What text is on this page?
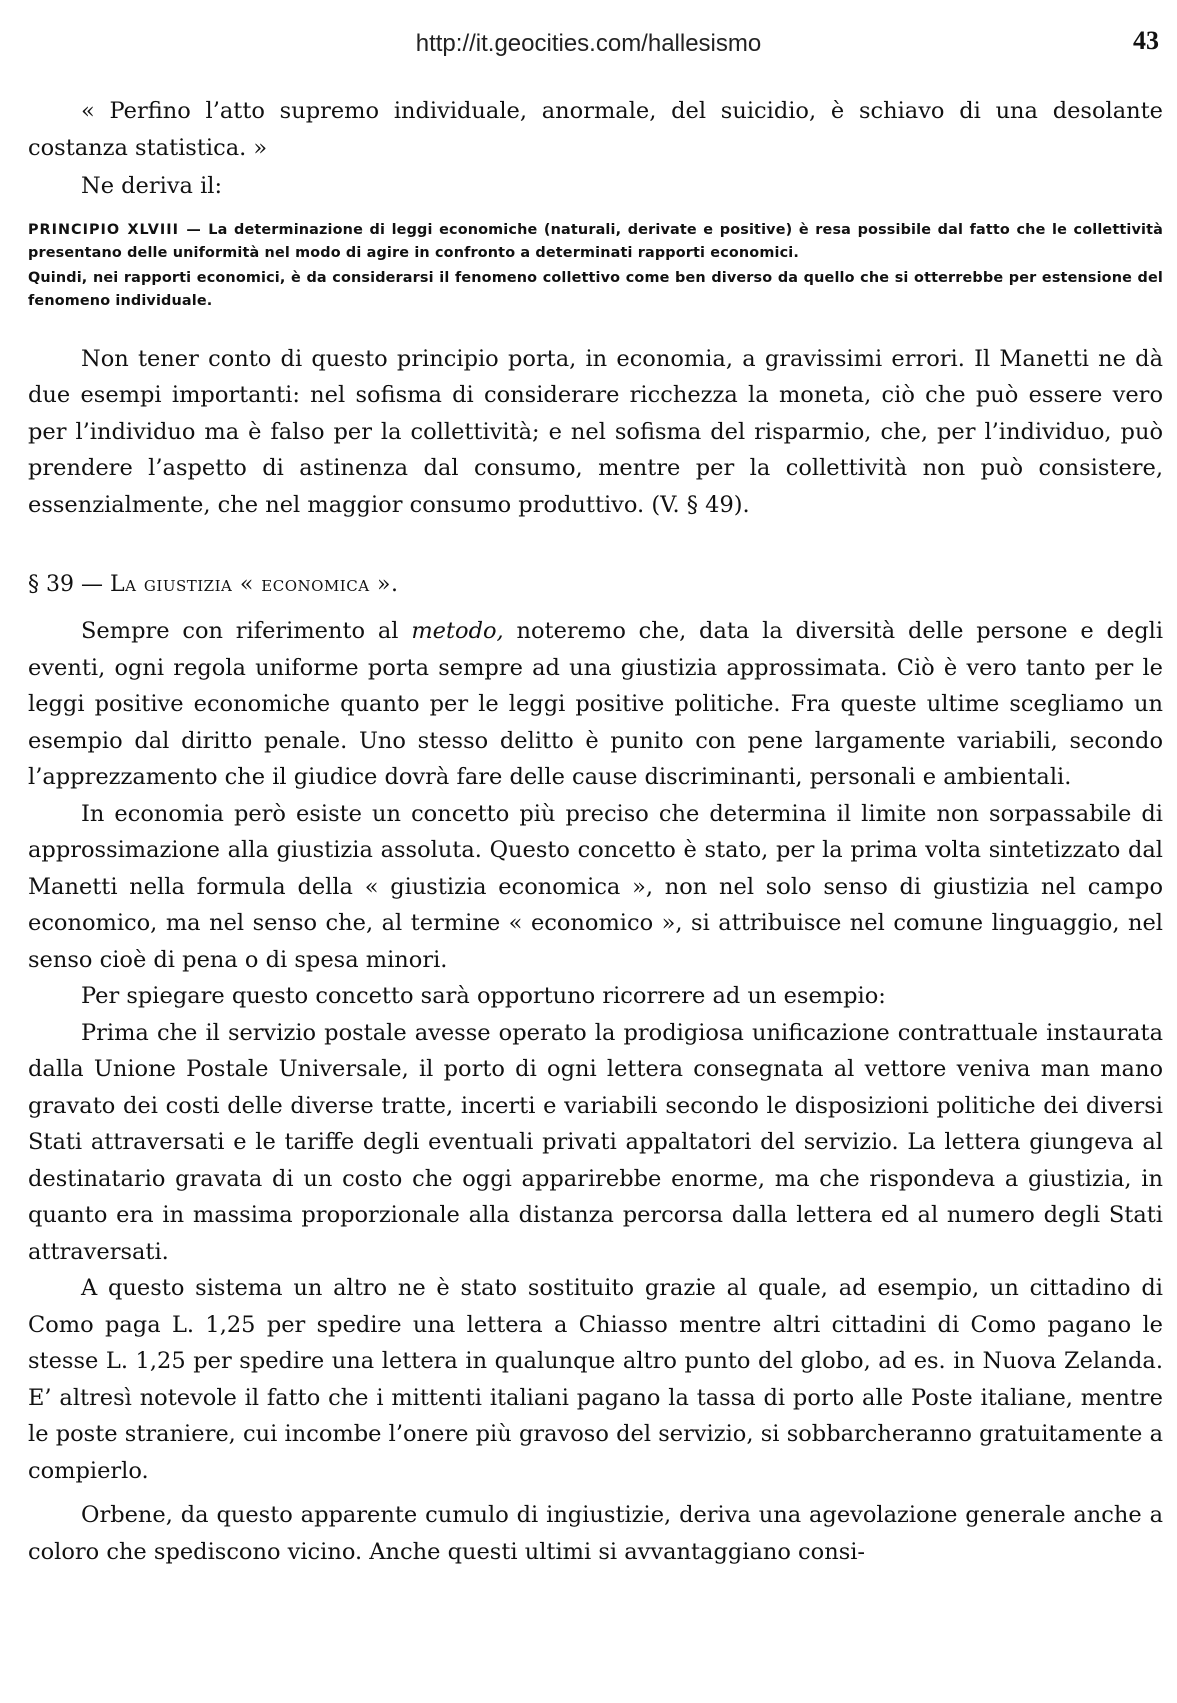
http://it.geocities.com/hallesismo	43

« Perfino l’atto supremo individuale, anormale, del suicidio, è schiavo di una desolante costanza statistica. »

Ne deriva il:

PRINCIPIO XLVIII — La determinazione di leggi economiche (naturali, derivate e positive) è resa possibile dal fatto che le collettività presentano delle uniformità nel modo di agire in confronto a determinati rapporti economici.

Quindi, nei rapporti economici, è da considerarsi il fenomeno collettivo come ben diverso da quello che si otterrebbe per estensione del fenomeno individuale.

Non tener conto di questo principio porta, in economia, a gravissimi errori. Il Manetti ne dà due esempi importanti: nel sofisma di considerare ricchezza la moneta, ciò che può essere vero per l’individuo ma è falso per la collettività; e nel sofisma del risparmio, che, per l’individuo, può prendere l’aspetto di astinenza dal consumo, mentre per la collettività non può consistere, essenzialmente, che nel maggior consumo produttivo. (V. § 49).

§ 39 — La giustizia « economica ».

Sempre con riferimento al metodo, noteremo che, data la diversità delle persone e degli eventi, ogni regola uniforme porta sempre ad una giustizia approssimata. Ciò è vero tanto per le leggi positive economiche quanto per le leggi positive politiche. Fra queste ultime scegliamo un esempio dal diritto penale. Uno stesso delitto è punito con pene largamente variabili, secondo l’apprezzamento che il giudice dovrà fare delle cause discriminanti, personali e ambientali.

In economia però esiste un concetto più preciso che determina il limite non sorpassabile di approssimazione alla giustizia assoluta. Questo concetto è stato, per la prima volta sintetizzato dal Manetti nella formula della « giustizia economica », non nel solo senso di giustizia nel campo economico, ma nel senso che, al termine « economico », si attribuisce nel comune linguaggio, nel senso cioè di pena o di spesa minori.

Per spiegare questo concetto sarà opportuno ricorrere ad un esempio:

Prima che il servizio postale avesse operato la prodigiosa unificazione contrattuale instaurata dalla Unione Postale Universale, il porto di ogni lettera consegnata al vettore veniva man mano gravato dei costi delle diverse tratte, incerti e variabili secondo le disposizioni politiche dei diversi Stati attraversati e le tariffe degli eventuali privati appaltatori del servizio. La lettera giungeva al destinatario gravata di un costo che oggi apparirebbe enorme, ma che rispondeva a giustizia, in quanto era in massima proporzionale alla distanza percorsa dalla lettera ed al numero degli Stati attraversati.

A questo sistema un altro ne è stato sostituito grazie al quale, ad esempio, un cittadino di Como paga L. 1,25 per spedire una lettera a Chiasso mentre altri cittadini di Como pagano le stesse L. 1,25 per spedire una lettera in qualunque altro punto del globo, ad es. in Nuova Zelanda. E’ altresì notevole il fatto che i mittenti italiani pagano la tassa di porto alle Poste italiane, mentre le poste straniere, cui incombe l’onere più gravoso del servizio, si sobbarcheranno gratuitamente a compierlo.

Orbene, da questo apparente cumulo di ingiustizie, deriva una agevolazione generale anche a coloro che spediscono vicino. Anche questi ultimi si avvantaggiano consi-
